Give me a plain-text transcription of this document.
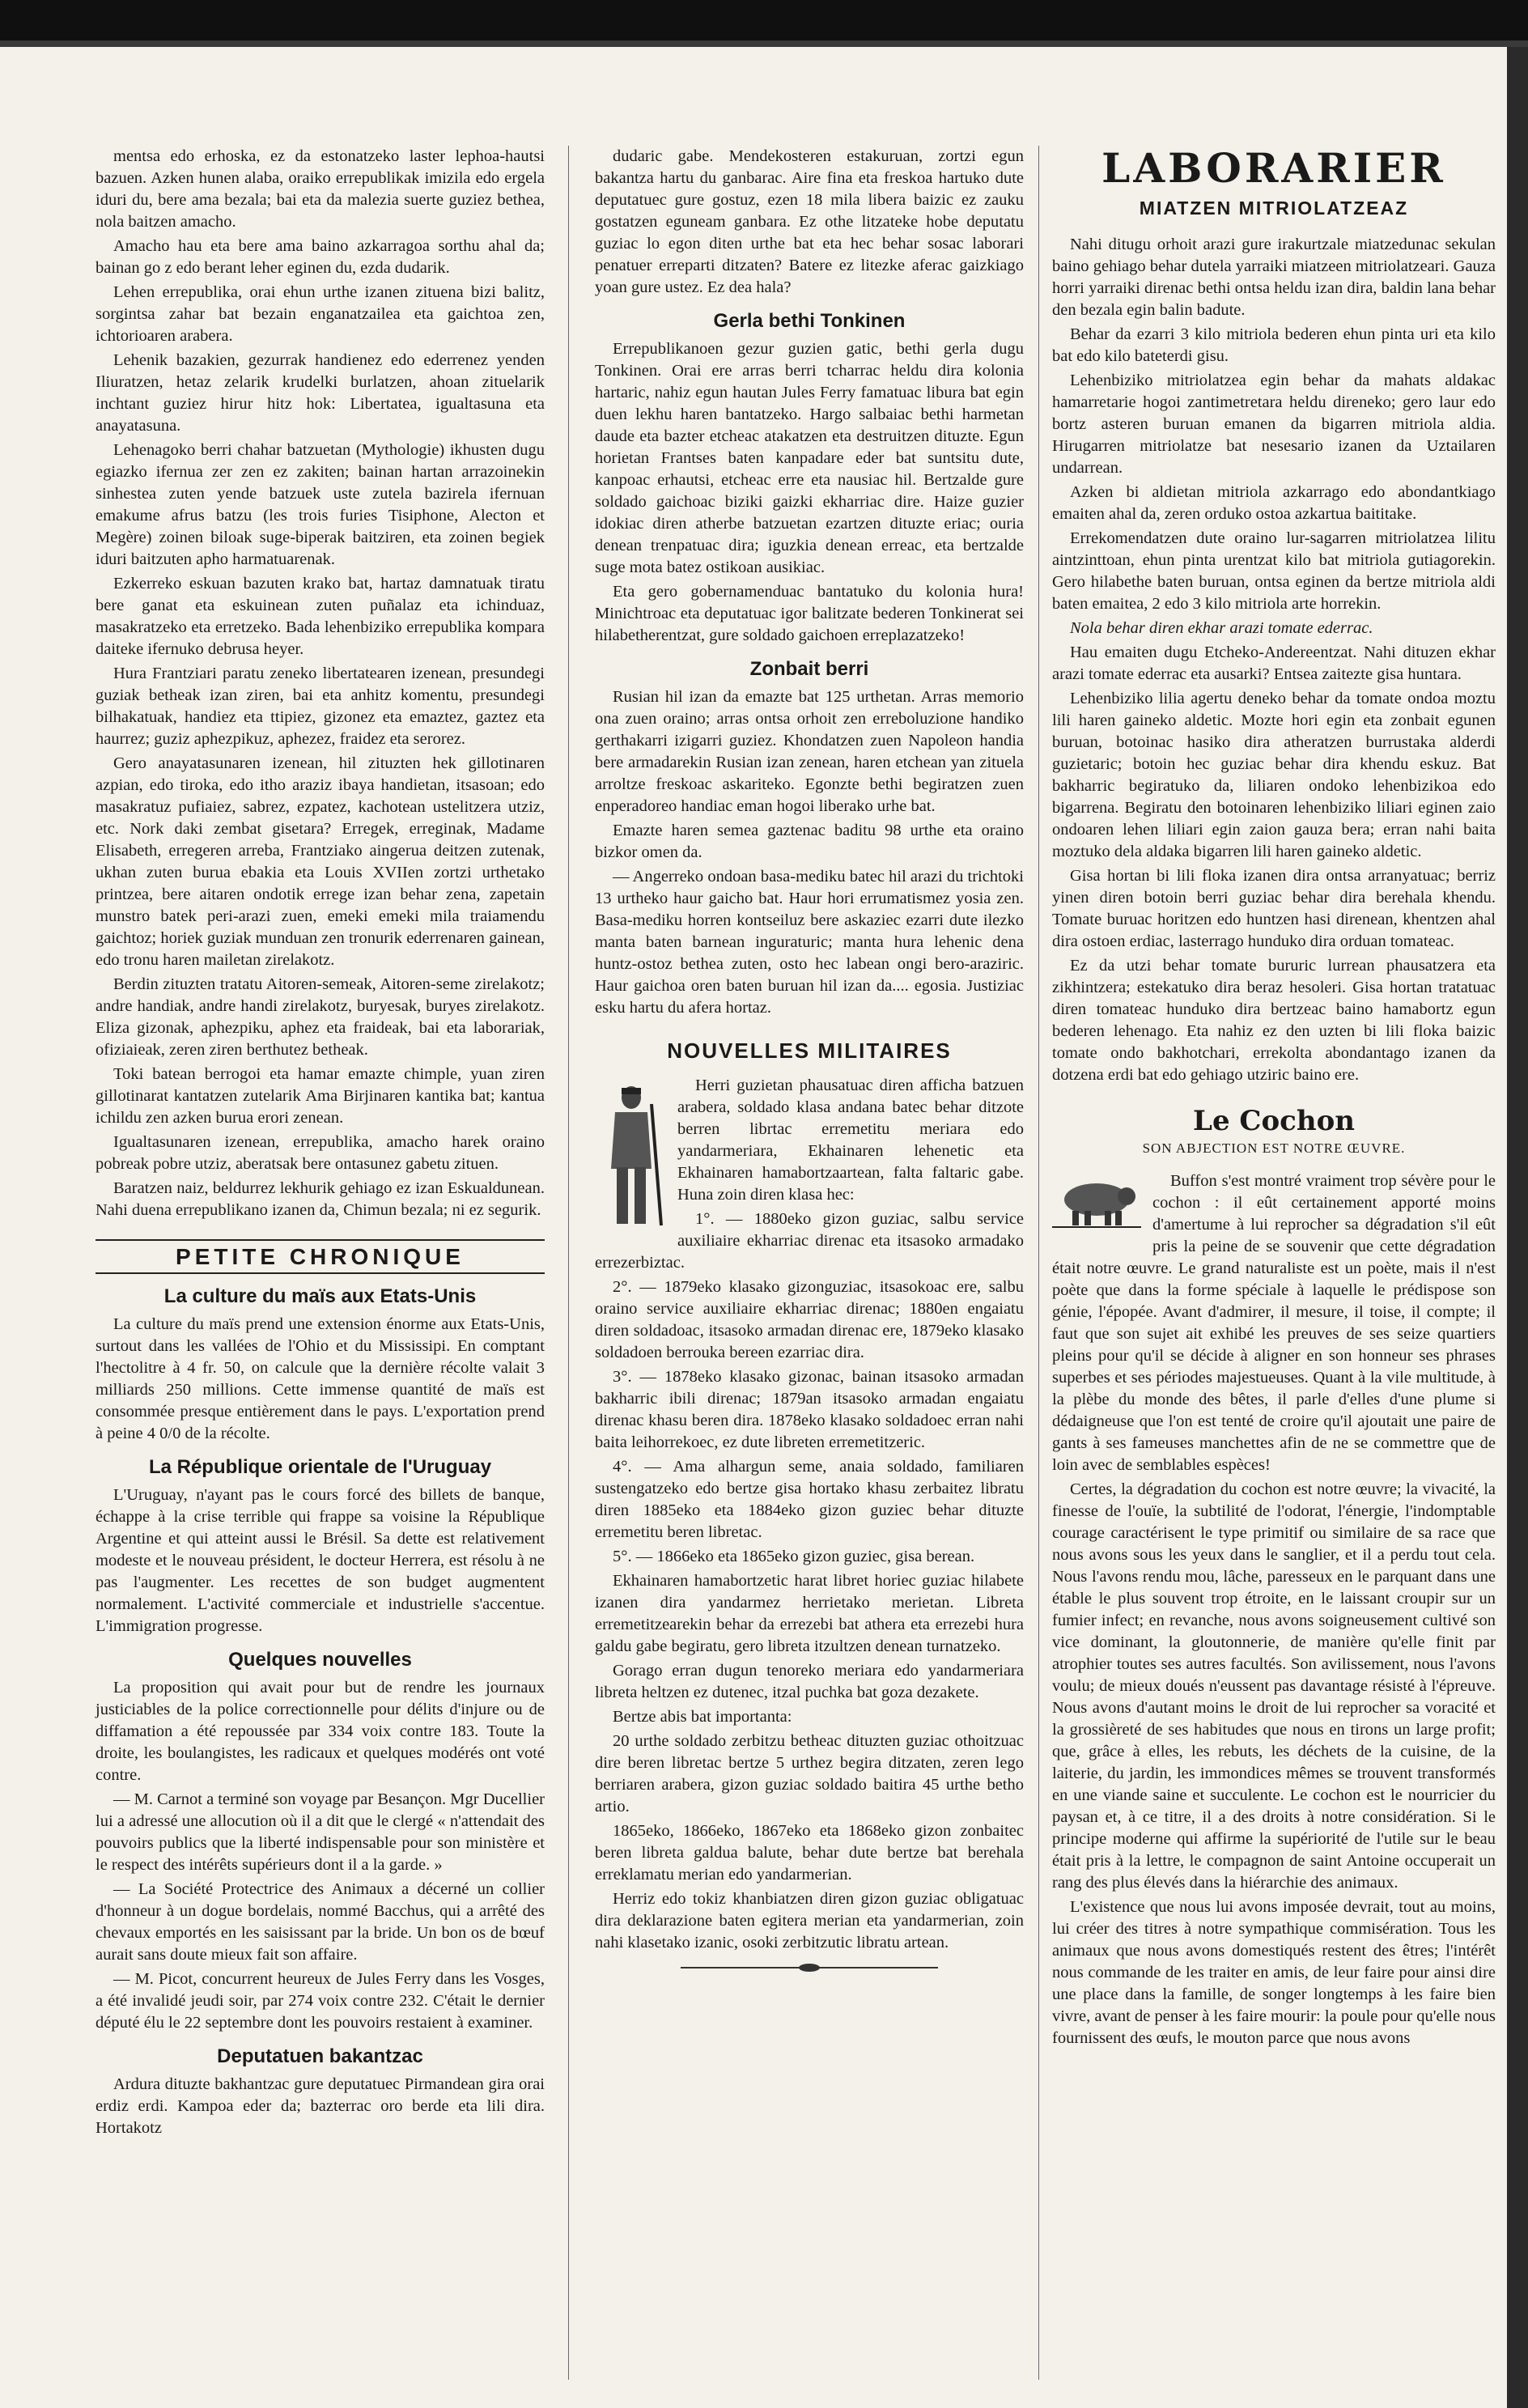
mentsa edo erhoska, ez da estonatzeko laster lephoa-hautsi bazuen. Azken hunen alaba, oraiko errepublikak imizila edo ergela iduri du, bere ama bezala; bai eta da malezia suerte guziez bethea, nola baitzen amacho.

Amacho hau eta bere ama baino azkarragoa sorthu ahal da; bainan go z edo berant leher eginen du, ezda dudarik.

Lehen errepublika, orai ehun urthe izanen zituena bizi balitz, sorgintsa zahar bat bezain enganatzailea eta gaichtoa zen, ichtorioaren arabera.

Lehenik bazakien, gezurrak handienez edo ederrenez yenden Iliuratzen, hetaz zelarik krudelki burlatzen, ahoan zituelarik inchtant guziez hirur hitz hok: Libertatea, igualtasuna eta anayatasuna.

Lehenagoko berri chahar batzuetan (Mythologie) ikhusten dugu egiazko ifernua zer zen ez zakiten; bainan hartan arrazoinekin sinhestea zuten yende batzuek uste zutela bazirela ifernuan emakume afrus batzu (les trois furies Tisiphone, Alecton et Megère) zoinen biloak suge-biperak baitziren, eta zoinen begiek iduri baitzuten apho harmatuarenak.

Ezkerreko eskuan bazuten krako bat, hartaz damnatuak tiratu bere ganat eta eskuinean zuten puñalaz eta ichinduaz, masakratzeko eta erretzeko. Bada lehenbiziko errepublika kompara daiteke ifernuko debrusa heyer.

Hura Frantziari paratu zeneko libertatearen izenean, presundegi guziak betheak izan ziren, bai eta anhitz komentu, presundegi bilhakatuak, handiez eta ttipiez, gizonez eta emaztez, gaztez eta haurrez; guziz aphezpikuz, aphezez, fraidez eta serorez.

Gero anayatasunaren izenean, hil zituzten hek gillotinaren azpian, edo tiroka, edo itho araziz ibaya handietan, itsasoan; edo masakratuz pufiaiez, sabrez, ezpatez, kachotean ustelitzera utziz, etc. Nork daki zembat gisetara? Erregek, erreginak, Madame Elisabeth, erregeren arreba, Frantziako aingerua deitzen zutenak, ukhan zuten burua ebakia eta Louis XVIIen zortzi urthetako printzea, bere aitaren ondotik errege izan behar zena, zapetain munstro batek peri-arazi zuen, emeki emeki mila traiamendu gaichtoz; horiek guziak munduan zen tronurik ederrenaren gainean, edo tronu haren mailetan zirelakotz.

Berdin zituzten tratatu Aitoren-semeak, Aitoren-seme zirelakotz; andre handiak, andre handi zirelakotz, buryesak, buryes zirelakotz. Eliza gizonak, aphezpiku, aphez eta fraideak, bai eta laborariak, ofiziaieak, zeren ziren berthutez betheak.

Toki batean berrogoi eta hamar emazte chimple, yuan ziren gillotinarat kantatzen zutelarik Ama Birjinaren kantika bat; kantua ichildu zen azken burua erori zenean.

Igualtasunaren izenean, errepublika, amacho harek oraino pobreak pobre utziz, aberatsak bere ontasunez gabetu zituen.

Baratzen naiz, beldurrez lekhurik gehiago ez izan Eskualdunean. Nahi duena errepublikano izanen da, Chimun bezala; ni ez segurik.

PETITE CHRONIQUE
La culture du maïs aux Etats-Unis

La culture du maïs prend une extension énorme aux Etats-Unis, surtout dans les vallées de l'Ohio et du Mississipi. En comptant l'hectolitre à 4 fr. 50, on calcule que la dernière récolte valait 3 milliards 250 millions. Cette immense quantité de maïs est consommée presque entièrement dans le pays. L'exportation prend à peine 4 0/0 de la récolte.

La République orientale de l'Uruguay

L'Uruguay, n'ayant pas le cours forcé des billets de banque, échappe à la crise terrible qui frappe sa voisine la République Argentine et qui atteint aussi le Brésil. Sa dette est relativement modeste et le nouveau président, le docteur Herrera, est résolu à ne pas l'augmenter. Les recettes de son budget augmentent normalement. L'activité commerciale et industrielle s'accentue. L'immigration progresse.

Quelques nouvelles

La proposition qui avait pour but de rendre les journaux justiciables de la police correctionnelle pour délits d'injure ou de diffamation a été repoussée par 334 voix contre 183. Toute la droite, les boulangistes, les radicaux et quelques modérés ont voté contre.

— M. Carnot a terminé son voyage par Besançon. Mgr Ducellier lui a adressé une allocution où il a dit que le clergé « n'attendait des pouvoirs publics que la liberté indispensable pour son ministère et le respect des intérêts supérieurs dont il a la garde. »

— La Société Protectrice des Animaux a décerné un collier d'honneur à un dogue bordelais, nommé Bacchus, qui a arrêté des chevaux emportés en les saisissant par la bride. Un bon os de bœuf aurait sans doute mieux fait son affaire.

— M. Picot, concurrent heureux de Jules Ferry dans les Vosges, a été invalidé jeudi soir, par 274 voix contre 232. C'était le dernier député élu le 22 septembre dont les pouvoirs restaient à examiner.

Deputatuen bakantzac

Ardura dituzte bakhantzac gure deputatuec Pirmandean gira orai erdiz erdi. Kampoa eder da; bazterrac oro berde eta lili dira. Hortakotz

dudaric gabe. Mendekosteren estakuruan, zortzi egun bakantza hartu du ganbarac. Aire fina eta freskoa hartuko dute deputatuec gure gostuz, ezen 18 mila libera baizic ez zauku gostatzen eguneam ganbara. Ez othe litzateke hobe deputatu guziac lo egon diten urthe bat eta hec behar sosac laborari penatuer erreparti ditzaten? Batere ez litezke aferac gaizkiago yoan gure ustez. Ez dea hala?

Gerla bethi Tonkinen

Errepublikanoen gezur guzien gatic, bethi gerla dugu Tonkinen. Orai ere arras berri tcharrac heldu dira kolonia hartaric, nahiz egun hautan Jules Ferry famatuac libura bat egin duen lekhu haren bantatzeko. Hargo salbaiac bethi harmetan daude eta bazter etcheac atakatzen eta destruitzen dituzte. Egun horietan Frantses baten kanpadare eder bat suntsitu dute, kanpoac erhautsi, etcheac erre eta nausiac hil. Bertzalde gure soldado gaichoac biziki gaizki ekharriac dire. Haize guzier idokiac diren atherbe batzuetan ezartzen dituzte eriac; ouria denean trenpatuac dira; iguzkia denean erreac, eta bertzalde suge mota batez ostikoan ausikiac.

Eta gero gobernamenduac bantatuko du kolonia hura! Minichtroac eta deputatuac igor balitzate bederen Tonkinerat sei hilabetherentzat, gure soldado gaichoen erreplazatzeko!

Zonbait berri

Rusian hil izan da emazte bat 125 urthetan. Arras memorio ona zuen oraino; arras ontsa orhoit zen erreboluzione handiko gerthakarri izigarri guziez. Khondatzen zuen Napoleon handia bere armadarekin Rusian izan zenean, haren etchean yan zituela arroltze freskoac askariteko. Egonzte bethi begiratzen zuen enperadoreo handiac eman hogoi liberako urhe bat.

Emazte haren semea gaztenac baditu 98 urthe eta oraino bizkor omen da.

— Angerreko ondoan basa-mediku batec hil arazi du trichtoki 13 urtheko haur gaicho bat. Haur hori errumatismez yosia zen. Basa-mediku horren kontseiluz bere askaziec ezarri dute ilezko manta baten barnean inguraturic; manta hura lehenic dena huntz-ostoz bethea zuten, osto hec labean ongi bero-araziric. Haur gaichoa oren baten buruan hil izan da.... egosia. Justiziac esku hartu du afera hortaz.

NOUVELLES MILITAIRES

Herri guzietan phausatuac diren afficha batzuen arabera, soldado klasa andana batec behar ditzote berren librtac erremetitu meriara edo yandarmeriara, Ekhainaren lehenetic eta Ekhainaren hamabortzaartean, falta faltaric gabe. Huna zoin diren klasa hec:

1°. — 1880eko gizon guziac, salbu service auxiliaire ekharriac direnac eta itsasoko armadako errezerbiztac.

2°. — 1879eko klasako gizonguziac, itsasokoac ere, salbu oraino service auxiliaire ekharriac direnac; 1880en engaiatu diren soldadoac, itsasoko armadan direnac ere, 1879eko klasako soldadoen berrouka bereen ezarriac dira.

3°. — 1878eko klasako gizonac, bainan itsasoko armadan bakharric ibili direnac; 1879an itsasoko armadan engaiatu direnac khasu beren dira. 1878eko klasako soldadoec erran nahi baita leihorrekoec, ez dute libreten erremetitzeric.

4°. — Ama alhargun seme, anaia soldado, familiaren sustengatzeko edo bertze gisa hortako khasu zerbaitez libratu diren 1885eko eta 1884eko gizon guziec behar dituzte erremetitu beren libretac.

5°. — 1866eko eta 1865eko gizon guziec, gisa berean.

Ekhainaren hamabortzetic harat libret horiec guziac hilabete izanen dira yandarmez herrietako merietan. Libreta erremetitzearekin behar da errezebi bat athera eta errezebi hura galdu gabe begiratu, gero libreta itzultzen denean turnatzeko.

Gorago erran dugun tenoreko meriara edo yandarmeriara libreta heltzen ez dutenec, itzal puchka bat goza dezakete.

Bertze abis bat importanta:

20 urthe soldado zerbitzu betheac dituzten guziac othoitzuac dire beren libretac bertze 5 urthez begira ditzaten, zeren lego berriaren arabera, gizon guziac soldado baitira 45 urthe betho artio.

1865eko, 1866eko, 1867eko eta 1868eko gizon zonbaitec beren libreta galdua balute, behar dute bertze bat berehala erreklamatu merian edo yandarmerian.

Herriz edo tokiz khanbiatzen diren gizon guziac obligatuac dira deklarazione baten egitera merian eta yandarmerian, zoin nahi klasetako izanic, osoki zerbitzutic libratu artean.

LABORARIER
MIATZEN MITRIOLATZEAZ

Nahi ditugu orhoit arazi gure irakurtzale miatzedunac sekulan baino gehiago behar dutela yarraiki miatzeen mitriolatzeari. Gauza horri yarraiki direnac bethi ontsa heldu izan dira, baldin lana behar den bezala egin balin badute.

Behar da ezarri 3 kilo mitriola bederen ehun pinta uri eta kilo bat edo kilo bateterdi gisu.

Lehenbiziko mitriolatzea egin behar da mahats aldakac hamarretarie hogoi zantimetretara heldu direneko; gero laur edo bortz asteren buruan emanen da bigarren mitriola aldia. Hirugarren mitriolatze bat nesesario izanen da Uztailaren undarrean.

Azken bi aldietan mitriola azkarrago edo abondantkiago emaiten ahal da, zeren orduko ostoa azkartua baititake.

Errekomendatzen dute oraino lur-sagarren mitriolatzea lilitu aintzinttoan, ehun pinta urentzat kilo bat mitriola gutiagorekin. Gero hilabethe baten buruan, ontsa eginen da bertze mitriola aldi baten emaitea, 2 edo 3 kilo mitriola arte horrekin.

Nola behar diren ekhar arazi tomate ederrac.

Hau emaiten dugu Etcheko-Andereentzat. Nahi dituzen ekhar arazi tomate ederrac eta ausarki? Entsea zaitezte gisa huntara.

Lehenbiziko lilia agertu deneko behar da tomate ondoa moztu lili haren gaineko aldetic. Mozte hori egin eta zonbait egunen buruan, botoinac hasiko dira atheratzen burrustaka alderdi guzietaric; botoin hec guziac behar dira khendu eskuz. Bat bakharric begiratuko da, liliaren ondoko lehenbizikoa edo bigarrena. Begiratu den botoinaren lehenbiziko liliari eginen zaio ondoaren lehen liliari egin zaion gauza bera; erran nahi baita moztuko dela aldaka bigarren lili haren gaineko aldetic.

Gisa hortan bi lili floka izanen dira ontsa arranyatuac; berriz yinen diren botoin berri guziac behar dira berehala khendu. Tomate buruac horitzen edo huntzen hasi direnean, khentzen ahal dira ostoen erdiac, lasterrago hunduko dira orduan tomateac.

Ez da utzi behar tomate bururic lurrean phausatzera eta zikhintzera; estekatuko dira beraz hesoleri. Gisa hortan tratatuac diren tomateac hunduko dira bertzeac baino hamabortz egun bederen lehenago. Eta nahiz ez den uzten bi lili floka baizic tomate ondo bakhotchari, errekolta abondantago izanen da dotzena erdi bat edo gehiago utziric baino ere.

Le Cochon
SON ABJECTION EST NOTRE ŒUVRE.

Buffon s'est montré vraiment trop sévère pour le cochon : il eût certainement apporté moins d'amertume à lui reprocher sa dégradation s'il eût pris la peine de se souvenir que cette dégradation était notre œuvre. Le grand naturaliste est un poète, mais il n'est poète que dans la forme spéciale à laquelle le prédispose son génie, l'épopée. Avant d'admirer, il mesure, il toise, il compte; il faut que son sujet ait exhibé les preuves de ses seize quartiers pleins pour qu'il se décide à aligner en son honneur ses phrases superbes et ses périodes majestueuses. Quant à la vile multitude, à la plèbe du monde des bêtes, il parle d'elles d'une plume si dédaigneuse que l'on est tenté de croire qu'il ajoutait une paire de gants à ses fameuses manchettes afin de ne se commettre que de loin avec de semblables espèces!

Certes, la dégradation du cochon est notre œuvre; la vivacité, la finesse de l'ouïe, la subtilité de l'odorat, l'énergie, l'indomptable courage caractérisent le type primitif ou similaire de sa race que nous avons sous les yeux dans le sanglier, et il a perdu tout cela. Nous l'avons rendu mou, lâche, paresseux en le parquant dans une étable le plus souvent trop étroite, en le laissant croupir sur un fumier infect; en revanche, nous avons soigneusement cultivé son vice dominant, la gloutonnerie, de manière qu'elle finit par atrophier toutes ses autres facultés. Son avilissement, nous l'avons voulu; de mieux doués n'eussent pas davantage résisté à l'épreuve. Nous avons d'autant moins le droit de lui reprocher sa voracité et la grossièreté de ses habitudes que nous en tirons un large profit; que, grâce à elles, les rebuts, les déchets de la cuisine, de la laiterie, du jardin, les immondices mêmes se trouvent transformés en une viande saine et succulente. Le cochon est le nourricier du paysan et, à ce titre, il a des droits à notre considération. Si le principe moderne qui affirme la supériorité de l'utile sur le beau était pris à la lettre, le compagnon de saint Antoine occuperait un rang des plus élevés dans la hiérarchie des animaux.

L'existence que nous lui avons imposée devrait, tout au moins, lui créer des titres à notre sympathique commisération. Tous les animaux que nous avons domestiqués restent des êtres; l'intérêt nous commande de les traiter en amis, de leur faire pour ainsi dire une place dans la famille, de songer longtemps à les faire bien vivre, avant de penser à les faire mourir: la poule pour qu'elle nous fournissent des œufs, le mouton parce que nous avons
